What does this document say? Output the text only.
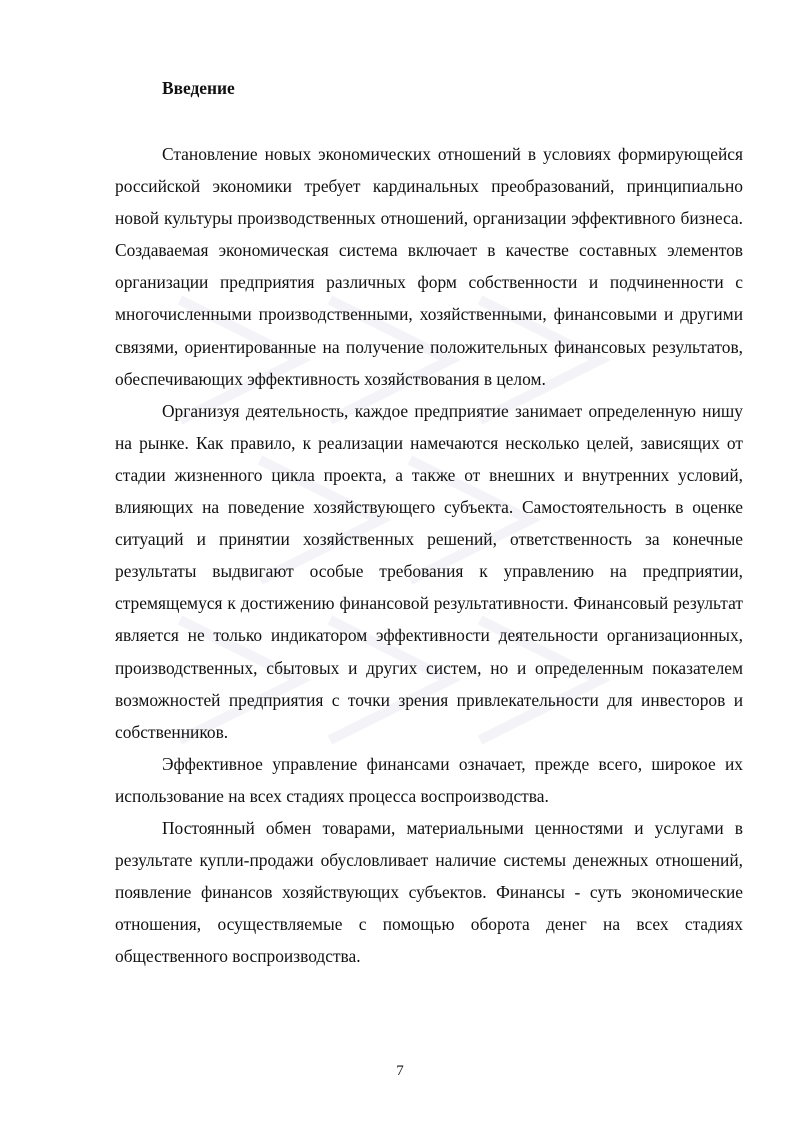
Введение

Становление новых экономических отношений в условиях формирующейся российской экономики требует кардинальных преобразований, принципиально новой культуры производственных отношений, организации эффективного бизнеса. Создаваемая экономическая система включает в качестве составных элементов организации предприятия различных форм собственности и подчиненности с многочисленными производственными, хозяйственными, финансовыми и другими связями, ориентированные на получение положительных финансовых результатов, обеспечивающих эффективность хозяйствования в целом.

Организуя деятельность, каждое предприятие занимает определенную нишу на рынке. Как правило, к реализации намечаются несколько целей, зависящих от стадии жизненного цикла проекта, а также от внешних и внутренних условий, влияющих на поведение хозяйствующего субъекта. Самостоятельность в оценке ситуаций и принятии хозяйственных решений, ответственность за конечные результаты выдвигают особые требования к управлению на предприятии, стремящемуся к достижению финансовой результативности. Финансовый результат является не только индикатором эффективности деятельности организационных, производственных, сбытовых и других систем, но и определенным показателем возможностей предприятия с точки зрения привлекательности для инвесторов и собственников.

Эффективное управление финансами означает, прежде всего, широкое их использование на всех стадиях процесса воспроизводства.

Постоянный обмен товарами, материальными ценностями и услугами в результате купли-продажи обусловливает наличие системы денежных отношений, появление финансов хозяйствующих субъектов. Финансы - суть экономические отношения, осуществляемые с помощью оборота денег на всех стадиях общественного воспроизводства.

7
